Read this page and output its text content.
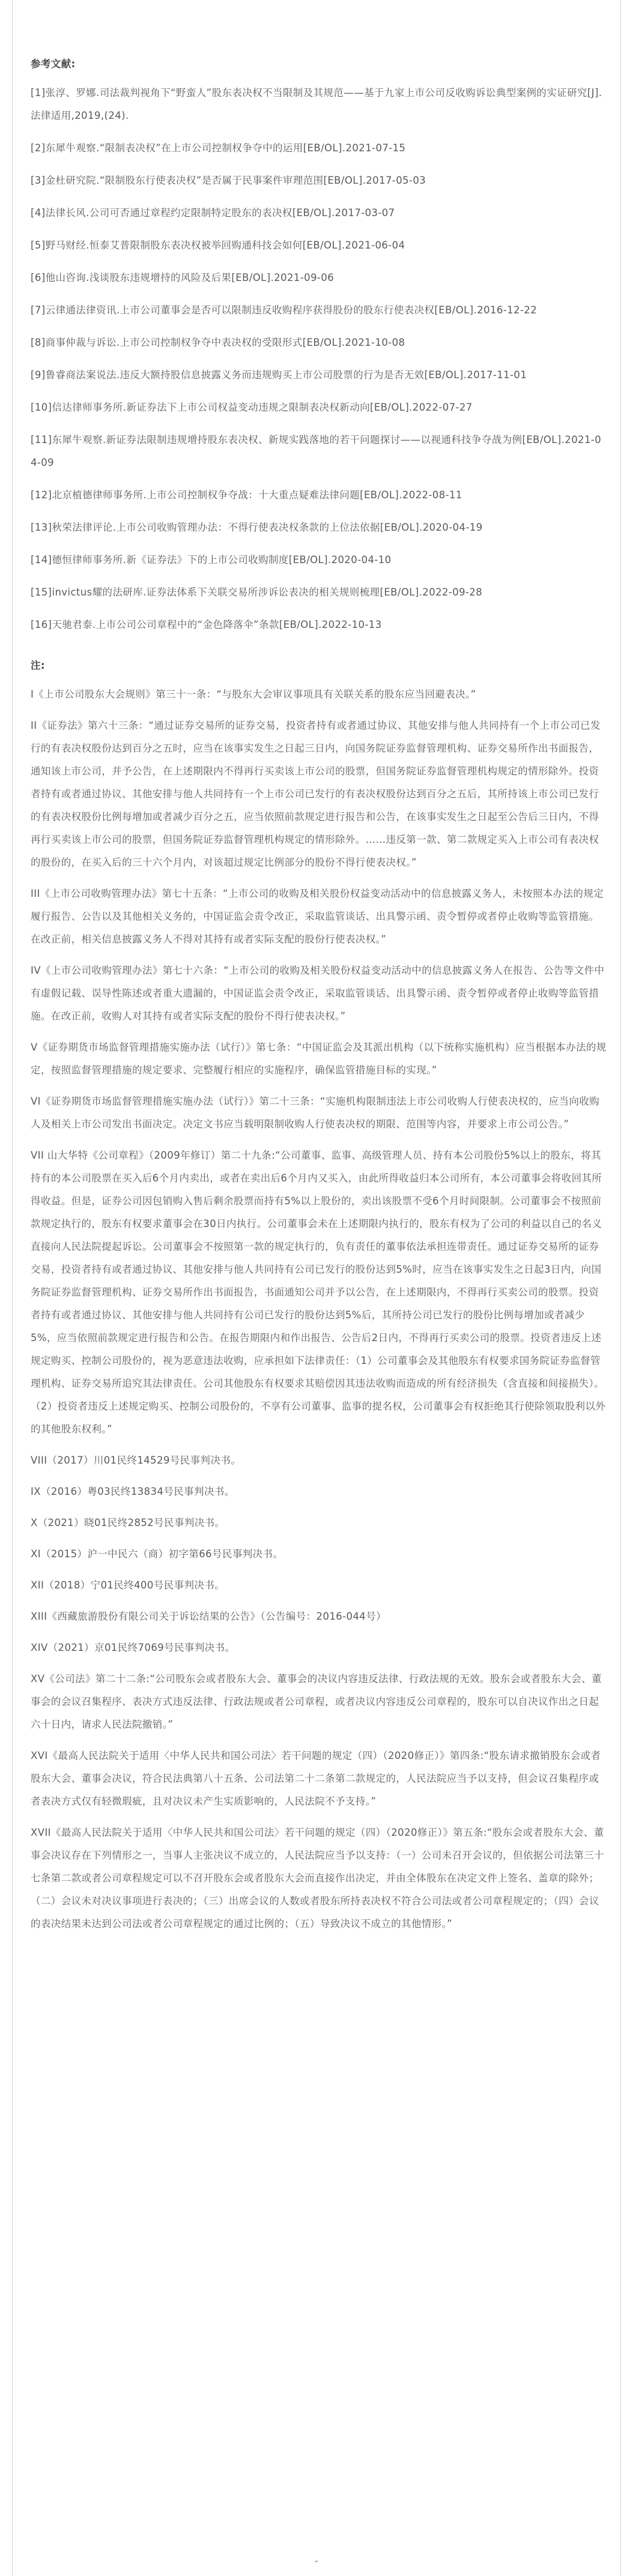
参考文献:
[1]张淳、罗娜.司法裁判视角下“野蛮人”股东表决权不当限制及其规范——基于九家上市公司反收购诉讼典型案例的实证研究[J].法律适用,2019,(24).
[2]东犀牛观察.“限制表决权”在上市公司控制权争夺中的运用[EB/OL].2021-07-15
[3]金杜研究院.“限制股东行使表决权”是否属于民事案件审理范围[EB/OL].2017-05-03
[4]法律长风.公司可否通过章程约定限制特定股东的表决权[EB/OL].2017-03-07
[5]野马财经.恒泰艾普限制股东表决权被举回购通科技会如何[EB/OL].2021-06-04
[6]他山咨询.浅谈股东违规增持的风险及后果[EB/OL].2021-09-06
[7]云律通法律资讯.上市公司董事会是否可以限制违反收购程序获得股份的股东行使表决权[EB/OL].2016-12-22
[8]商事仲裁与诉讼.上市公司控制权争夺中表决权的受限形式[EB/OL].2021-10-08
[9]鲁睿商法案说法.违反大额持股信息披露义务而违规购买上市公司股票的行为是否无效[EB/OL].2017-11-01
[10]信达律师事务所.新证券法下上市公司权益变动违规之限制表决权新动向[EB/OL].2022-07-27
[11]东犀牛观察.新证券法限制违规增持股东表决权、新规实践落地的若干问题探讨——以视通科技争夺战为例[EB/OL].2021-04-09
[12]北京植德律师事务所.上市公司控制权争夺战：十大重点疑难法律问题[EB/OL].2022-08-11
[13]秋荣法律评论.上市公司收购管理办法：不得行使表决权条款的上位法依据[EB/OL].2020-04-19
[14]德恒律师事务所.新《证券法》下的上市公司收购制度[EB/OL].2020-04-10
[15]invictus耀的法研库.证券法体系下关联交易所涉诉讼表决的相关规则梳理[EB/OL].2022-09-28
[16]天驰君泰.上市公司公司章程中的“金色降落伞”条款[EB/OL].2022-10-13
注:
I《上市公司股东大会规则》第三十一条：“与股东大会审议事项具有关联关系的股东应当回避表决。”
II《证券法》第六十三条：“通过证券交易所的证券交易，投资者持有或者通过协议、其他安排与他人共同持有一个上市公司已发行的有表决权股份达到百分之五时，应当在该事实发生之日起三日内，向国务院证券监督管理机构、证券交易所作出书面报告，通知该上市公司，并予公告，在上述期限内不得再行买卖该上市公司的股票，但国务院证券监督管理机构规定的情形除外。投资者持有或者通过协议、其他安排与他人共同持有一个上市公司已发行的有表决权股份达到百分之五后，其所持该上市公司已发行的有表决权股份比例每增加或者减少百分之五，应当依照前款规定进行报告和公告，在该事实发生之日起至公告后三日内，不得再行买卖该上市公司的股票，但国务院证券监督管理机构规定的情形除外。……违反第一款、第二款规定买入上市公司有表决权的股份的，在买入后的三十六个月内，对该超过规定比例部分的股份不得行使表决权。”
III《上市公司收购管理办法》第七十五条：“上市公司的收购及相关股份权益变动活动中的信息披露义务人，未按照本办法的规定履行报告、公告以及其他相关义务的，中国证监会责令改正，采取监管谈话、出具警示函、责令暂停或者停止收购等监管措施。在改正前，相关信息披露义务人不得对其持有或者实际支配的股份行使表决权。”
IV《上市公司收购管理办法》第七十六条：“上市公司的收购及相关股份权益变动活动中的信息披露义务人在报告、公告等文件中有虚假记载、误导性陈述或者重大遗漏的，中国证监会责令改正，采取监管谈话、出具警示函、责令暂停或者停止收购等监管措施。在改正前，收购人对其持有或者实际支配的股份不得行使表决权。”
V《证券期货市场监督管理措施实施办法（试行）》第七条：“中国证监会及其派出机构（以下统称实施机构）应当根据本办法的规定，按照监督管理措施的规定要求、完整履行相应的实施程序，确保监管措施目标的实现。”
VI《证券期货市场监督管理措施实施办法（试行）》第二十三条：“实施机构限制违法上市公司收购人行使表决权的，应当向收购人及相关上市公司发出书面决定。决定文书应当载明限制收购人行使表决权的期限、范围等内容，并要求上市公司公告。”
VII 山大华特《公司章程》（2009年修订）第二十九条:“公司董事、监事、高级管理人员、持有本公司股份5%以上的股东，将其持有的本公司股票在买入后6个月内卖出，或者在卖出后6个月内又买入，由此所得收益归本公司所有，本公司董事会将收回其所得收益。但是，证券公司因包销购入售后剩余股票而持有5%以上股份的，卖出该股票不受6个月时间限制。公司董事会不按照前款规定执行的，股东有权要求董事会在30日内执行。公司董事会未在上述期限内执行的，股东有权为了公司的利益以自己的名义直接向人民法院提起诉讼。公司董事会不按照第一款的规定执行的，负有责任的董事依法承担连带责任。通过证券交易所的证券交易，投资者持有或者通过协议、其他安排与他人共同持有公司已发行的股份达到5%时，应当在该事实发生之日起3日内，向国务院证券监督管理机构、证券交易所作出书面报告，书面通知公司并予以公告，在上述期限内，不得再行买卖公司的股票。投资者持有或者通过协议、其他安排与他人共同持有公司已发行的股份达到5%后，其所持公司已发行的股份比例每增加或者减少5%，应当依照前款规定进行报告和公告。在报告期限内和作出报告、公告后2日内，不得再行买卖公司的股票。投资者违反上述规定购买、控制公司股份的，视为恶意违法收购，应承担如下法律责任：（1）公司董事会及其他股东有权要求国务院证券监督管理机构、证券交易所追究其法律责任。公司其他股东有权要求其赔偿因其违法收购而造成的所有经济损失（含直接和间接损失）。（2）投资者违反上述规定购买、控制公司股份的，不享有公司董事、监事的提名权，公司董事会有权拒绝其行使除领取股利以外的其他股东权利。”
VIII（2017）川01民终14529号民事判决书。
IX（2016）粤03民终13834号民事判决书。
X（2021）晓01民终2852号民事判决书。
XI（2015）沪一中民六（商）初字第66号民事判决书。
XII（2018）宁01民终400号民事判决书。
XIII《西藏旅游股份有限公司关于诉讼结果的公告》（公告编号：2016-044号）
XIV（2021）京01民终7069号民事判决书。
XV《公司法》第二十二条:“公司股东会或者股东大会、董事会的决议内容违反法律、行政法规的无效。股东会或者股东大会、董事会的会议召集程序、表决方式违反法律、行政法规或者公司章程，或者决议内容违反公司章程的，股东可以自决议作出之日起六十日内，请求人民法院撤销。”
XVI《最高人民法院关于适用〈中华人民共和国公司法〉若干问题的规定（四）（2020修正）》第四条:“股东请求撤销股东会或者股东大会、董事会决议，符合民法典第八十五条、公司法第二十二条第二款规定的，人民法院应当予以支持，但会议召集程序或者表决方式仅有轻微瑕疵，且对决议未产生实质影响的，人民法院不予支持。”
XVII《最高人民法院关于适用〈中华人民共和国公司法〉若干问题的规定（四）（2020修正）》第五条:“股东会或者股东大会、董事会决议存在下列情形之一，当事人主张决议不成立的，人民法院应当予以支持：（一）公司未召开会议的，但依据公司法第三十七条第二款或者公司章程规定可以不召开股东会或者股东大会而直接作出决定，并由全体股东在决定文件上签名、盖章的除外；（二）会议未对决议事项进行表决的；（三）出席会议的人数或者股东所持表决权不符合公司法或者公司章程规定的；（四）会议的表决结果未达到公司法或者公司章程规定的通过比例的；（五）导致决议不成立的其他情形。”
⌃
